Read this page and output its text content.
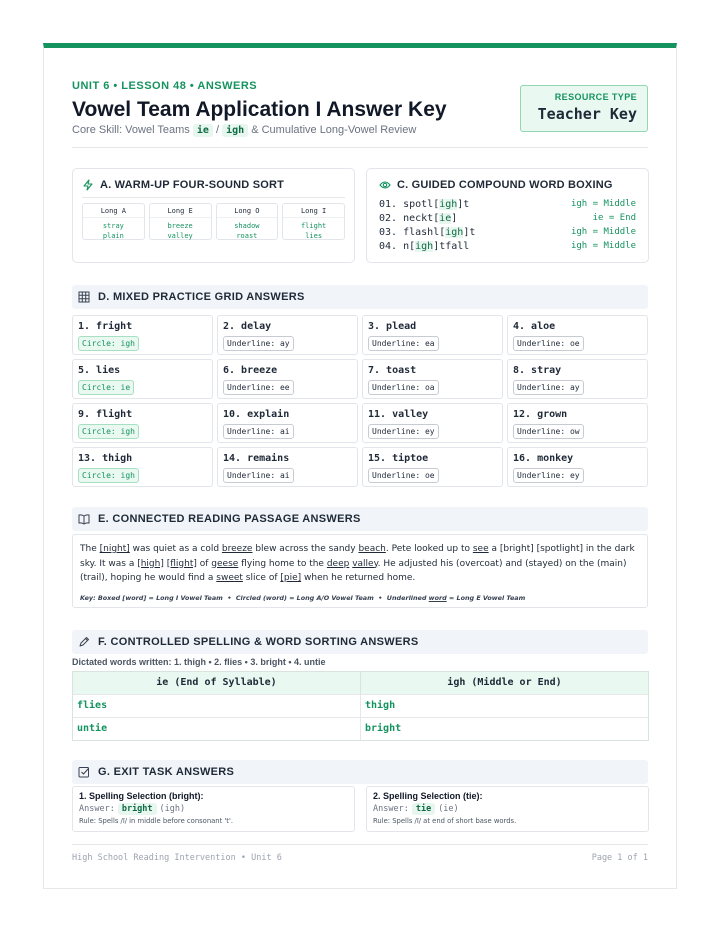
UNIT 6 • LESSON 48 • ANSWERS
Vowel Team Application I Answer Key
Core Skill: Vowel Teams ie / igh & Cumulative Long-Vowel Review
RESOURCE TYPE
Teacher Key
A. WARM-UP FOUR-SOUND SORT
Long A
stray
plain
Long E
breeze
valley
Long O
shadow
roast
Long I
flight
lies
C. GUIDED COMPOUND WORD BOXING
01. spotl[igh]t	igh = Middle
02. neckt[ie]	ie = End
03. flashl[igh]t	igh = Middle
04. n[igh]tfall	igh = Middle
D. MIXED PRACTICE GRID ANSWERS
1. fright
Circle: igh
2. delay
Underline: ay
3. plead
Underline: ea
4. aloe
Underline: oe
5. lies
Circle: ie
6. breeze
Underline: ee
7. toast
Underline: oa
8. stray
Underline: ay
9. flight
Circle: igh
10. explain
Underline: ai
11. valley
Underline: ey
12. grown
Underline: ow
13. thigh
Circle: igh
14. remains
Underline: ai
15. tiptoe
Underline: oe
16. monkey
Underline: ey
E. CONNECTED READING PASSAGE ANSWERS
The [night] was quiet as a cold breeze blew across the sandy beach. Pete looked up to see a [bright] [spotlight] in the dark sky. It was a [high] [flight] of geese flying home to the deep valley. He adjusted his (overcoat) and (stayed) on the (main) (trail), hoping he would find a sweet slice of [pie] when he returned home.
Key: Boxed [word] = Long I Vowel Team • Circled (word) = Long A/O Vowel Team • Underlined word = Long E Vowel Team
F. CONTROLLED SPELLING & WORD SORTING ANSWERS
Dictated words written: 1. thigh • 2. flies • 3. bright • 4. untie
ie (End of Syllable)	igh (Middle or End)
flies	thigh
untie	bright
G. EXIT TASK ANSWERS
1. Spelling Selection (bright):
Answer: bright (igh)
Rule: Spells /ī/ in middle before consonant 't'.
2. Spelling Selection (tie):
Answer: tie (ie)
Rule: Spells /ī/ at end of short base words.
High School Reading Intervention • Unit 6	Page 1 of 1
